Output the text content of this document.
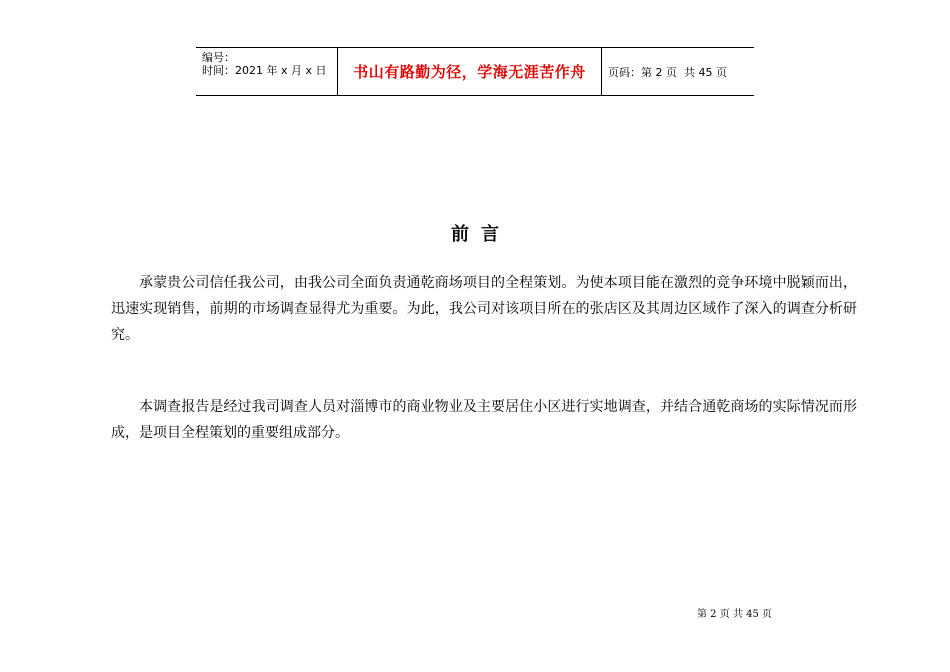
编号：
时间：2021 年 x 月 x 日	书山有路勤为径，学海无涯苦作舟 页码：第 2 页  共 45 页
前言
承蒙贵公司信任我公司，由我公司全面负责通乾商场项目的全程策划。为使本项目能在激烈的竞争环境中脱颖而出，迅速实现销售，前期的市场调查显得尤为重要。为此，我公司对该项目所在的张店区及其周边区域作了深入的调查分析研究。
本调查报告是经过我司调查人员对淄博市的商业物业及主要居住小区进行实地调查，并结合通乾商场的实际情况而形成，是项目全程策划的重要组成部分。
第 2 页 共 45 页
